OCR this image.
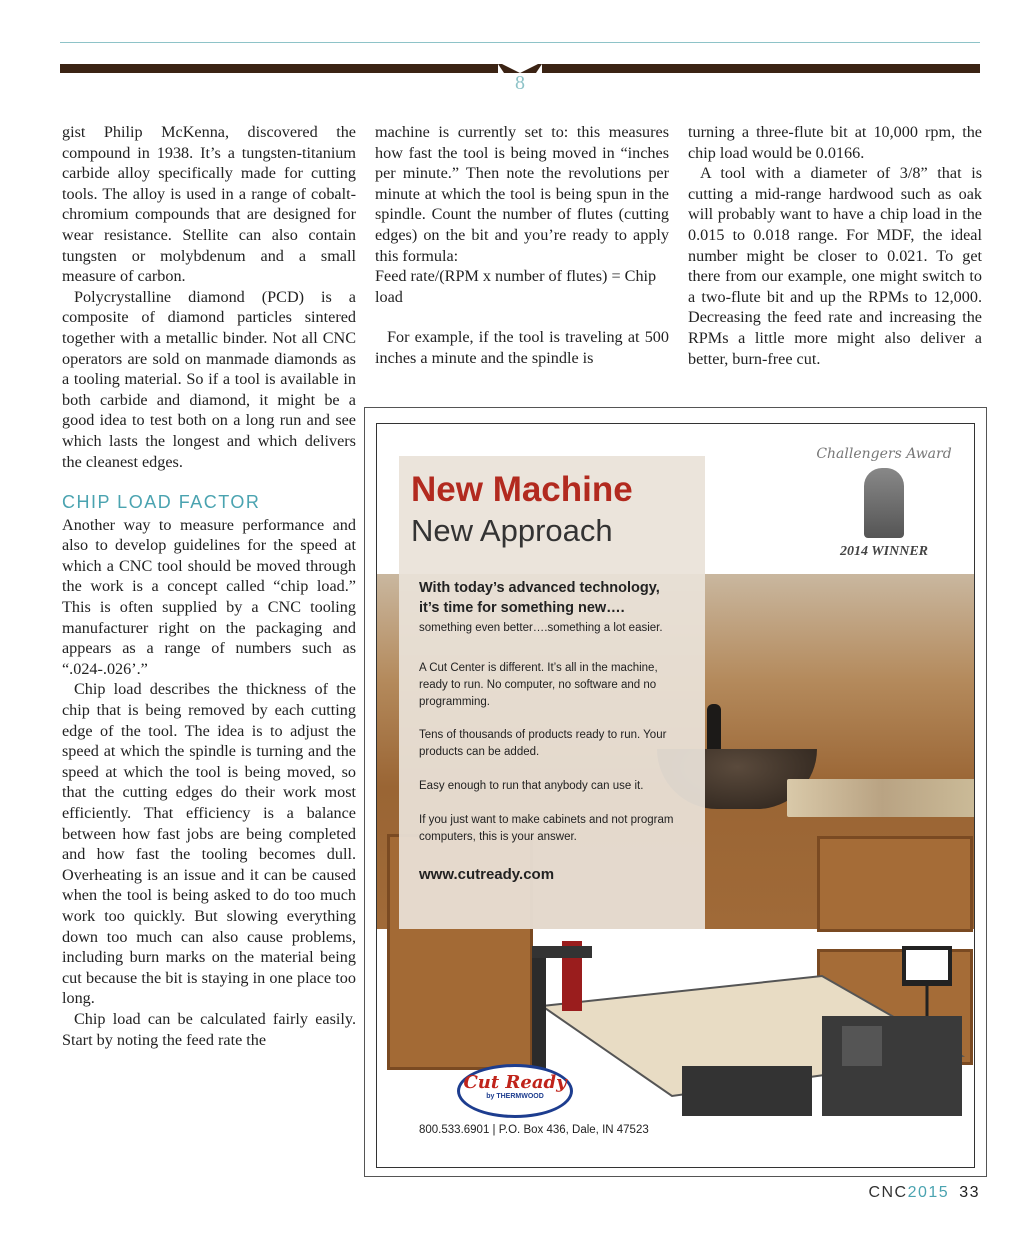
8

gist Philip McKenna, discovered the compound in 1938. It’s a tungsten-titanium carbide alloy specifically made for cutting tools. The alloy is used in a range of cobalt-chromium compounds that are designed for wear resistance. Stellite can also contain tungsten or molybdenum and a small measure of carbon.

Polycrystalline diamond (PCD) is a composite of diamond particles sintered together with a metallic binder. Not all CNC operators are sold on manmade diamonds as a tooling material. So if a tool is available in both carbide and diamond, it might be a good idea to test both on a long run and see which lasts the longest and which delivers the cleanest edges.

CHIP LOAD FACTOR

Another way to measure performance and also to develop guidelines for the speed at which a CNC tool should be moved through the work is a concept called “chip load.” This is often supplied by a CNC tooling manufacturer right on the packaging and appears as a range of numbers such as “.024-.026’.”

Chip load describes the thickness of the chip that is being removed by each cutting edge of the tool. The idea is to adjust the speed at which the spindle is turning and the speed at which the tool is being moved, so that the cutting edges do their work most efficiently. That efficiency is a balance between how fast jobs are being completed and how fast the tooling becomes dull. Overheating is an issue and it can be caused when the tool is being asked to do too much work too quickly. But slowing everything down too much can also cause problems, including burn marks on the material being cut because the bit is staying in one place too long.

Chip load can be calculated fairly easily. Start by noting the feed rate the

machine is currently set to: this measures how fast the tool is being moved in “inches per minute.” Then note the revolutions per minute at which the tool is being spun in the spindle. Count the number of flutes (cutting edges) on the bit and you’re ready to apply this formula:

Feed rate/(RPM x number of flutes) = Chip load

For example, if the tool is traveling at 500 inches a minute and the spindle is

turning a three-flute bit at 10,000 rpm, the chip load would be 0.0166.

A tool with a diameter of 3/8” that is cutting a mid-range hardwood such as oak will probably want to have a chip load in the 0.015 to 0.018 range. For MDF, the ideal number might be closer to 0.021. To get there from our example, one might switch to a two-flute bit and up the RPMs to 12,000. Decreasing the feed rate and increasing the RPMs a little more might also deliver a better, burn-free cut.

New Machine
New Approach
With today’s advanced technology,
it’s time for something new….
something even better….something a lot easier.
A Cut Center is different. It’s all in the machine, ready to run. No computer, no software and no programming.
Tens of thousands of products ready to run. Your products can be added.
Easy enough to run that anybody can use it.
If you just want to make cabinets and not program computers, this is your answer.
www.cutready.com
Challengers Award
2014 WINNER
Cut Ready
by THERMWOOD
800.533.6901 | P.O. Box 436, Dale, IN 47523
CNC2015 33
